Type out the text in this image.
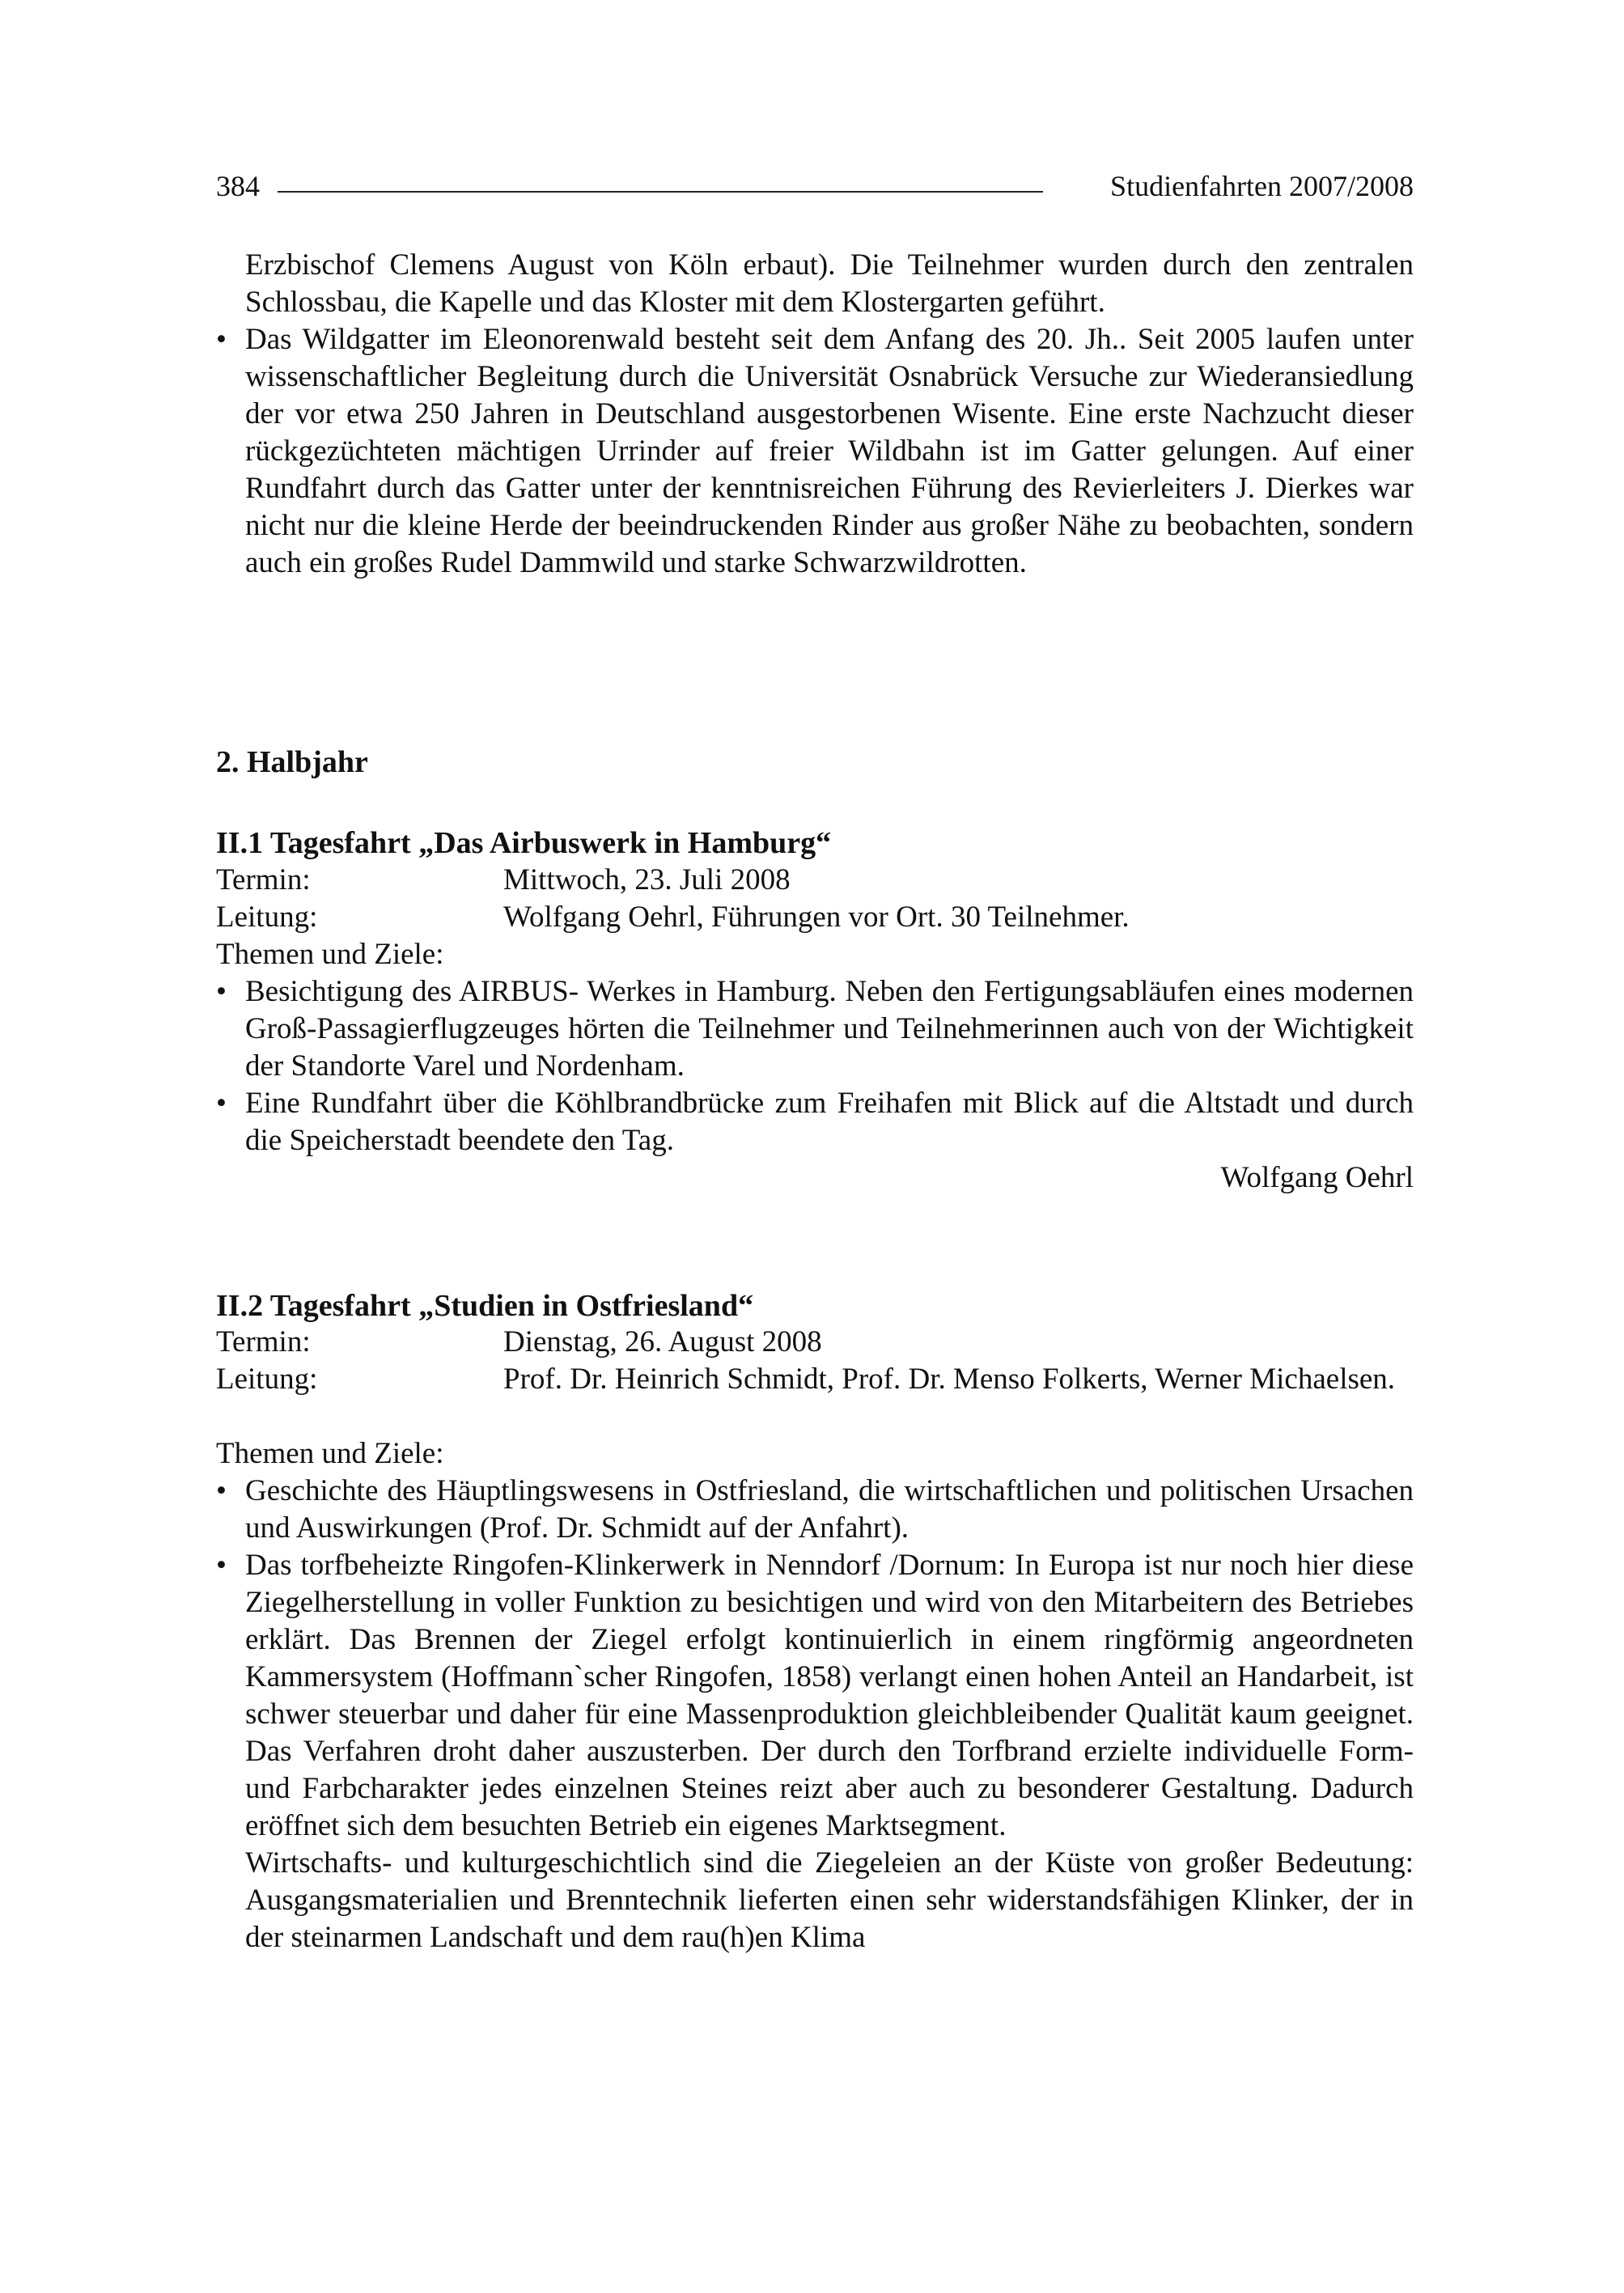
384	Studienfahrten 2007/2008
Erzbischof Clemens August von Köln erbaut). Die Teilnehmer wurden durch den zentralen Schlossbau, die Kapelle und das Kloster mit dem Klostergarten geführt.
• Das Wildgatter im Eleonorenwald besteht seit dem Anfang des 20. Jh.. Seit 2005 laufen unter wissenschaftlicher Begleitung durch die Universität Osnabrück Versuche zur Wiederansiedlung der vor etwa 250 Jahren in Deutschland ausgestorbenen Wisente. Eine erste Nachzucht dieser rückgezüchteten mächtigen Urrinder auf freier Wildbahn ist im Gatter gelungen. Auf einer Rundfahrt durch das Gatter unter der kenntnisreichen Führung des Revierleiters J. Dierkes war nicht nur die kleine Herde der beeindruckenden Rinder aus großer Nähe zu beobachten, sondern auch ein großes Rudel Dammwild und starke Schwarzwildrotten.
2. Halbjahr
II.1 Tagesfahrt „Das Airbuswerk in Hamburg“
Termin:	Mittwoch, 23. Juli 2008
Leitung:	Wolfgang Oehrl, Führungen vor Ort. 30 Teilnehmer.
Themen und Ziele:
• Besichtigung des AIRBUS- Werkes in Hamburg. Neben den Fertigungsabläufen eines modernen Groß-Passagierflugzeuges hörten die Teilnehmer und Teilnehmerinnen auch von der Wichtigkeit der Standorte Varel und Nordenham.
• Eine Rundfahrt über die Köhlbrandbrücke zum Freihafen mit Blick auf die Altstadt und durch die Speicherstadt beendete den Tag.
Wolfgang Oehrl
II.2 Tagesfahrt „Studien in Ostfriesland“
Termin:	Dienstag, 26. August 2008
Leitung:	Prof. Dr. Heinrich Schmidt, Prof. Dr. Menso Folkerts, Werner Michaelsen.
Themen und Ziele:
• Geschichte des Häuptlingswesens in Ostfriesland, die wirtschaftlichen und politischen Ursachen und Auswirkungen (Prof. Dr. Schmidt auf der Anfahrt).
• Das torfbeheizte Ringofen-Klinkerwerk in Nenndorf /Dornum: In Europa ist nur noch hier diese Ziegelherstellung in voller Funktion zu besichtigen und wird von den Mitarbeitern des Betriebes erklärt. Das Brennen der Ziegel erfolgt kontinuierlich in einem ringförmig angeordneten Kammersystem (Hoffmann`scher Ringofen, 1858) verlangt einen hohen Anteil an Handarbeit, ist schwer steuerbar und daher für eine Massenproduktion gleichbleibender Qualität kaum geeignet. Das Verfahren droht daher auszusterben. Der durch den Torfbrand erzielte individuelle Form- und Farbcharakter jedes einzelnen Steines reizt aber auch zu besonderer Gestaltung. Dadurch eröffnet sich dem besuchten Betrieb ein eigenes Marktsegment.
Wirtschafts- und kulturgeschichtlich sind die Ziegeleien an der Küste von großer Bedeutung: Ausgangsmaterialien und Brenntechnik lieferten einen sehr widerstandsfähigen Klinker, der in der steinarmen Landschaft und dem rau(h)en Klima
